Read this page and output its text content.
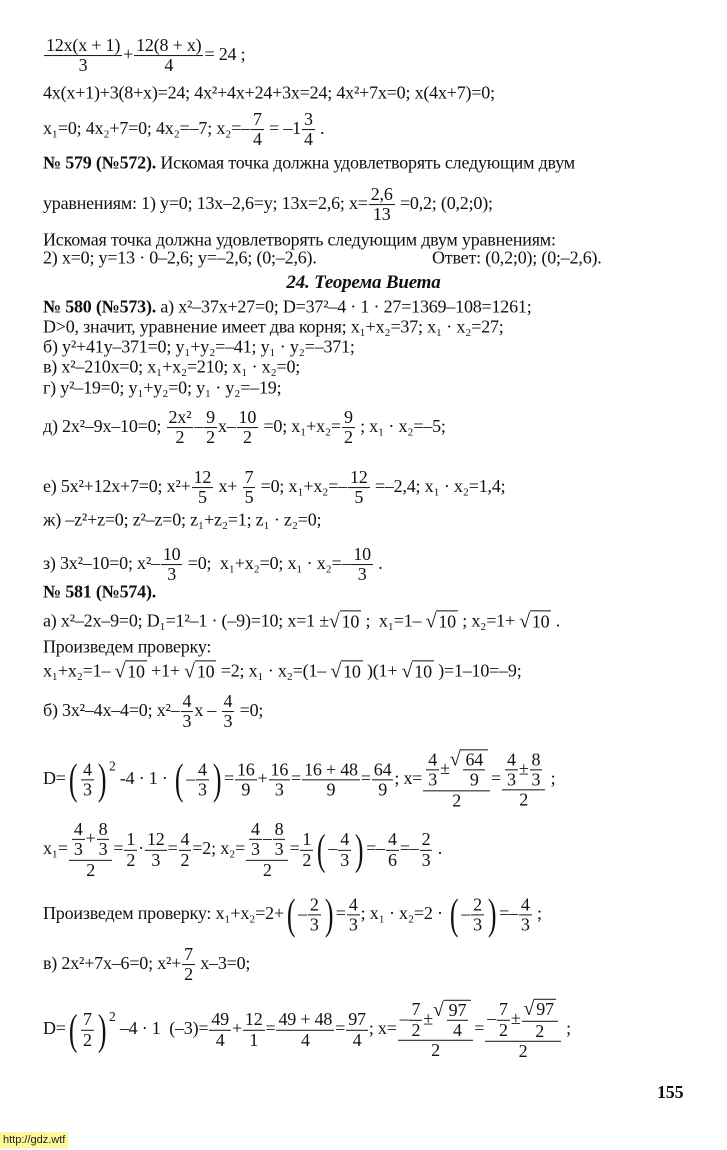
$\frac{12x(x + 1)}{3} + \frac{12(8 + x)}{4} = 24$ ;
4x(x+1)+3(8+x)=24; 4x²+4x+24+3x=24; 4x²+7x=0; x(4x+7)=0;
x₁=0; 4x₂+7=0; 4x₂=–7; $x_2=- \frac{7}{4} = -1 \frac{3}{4}$ .
№ 579 (№572). Искомая точка должна удовлетворять следующим двум
уравнениям: 1) y=0; 13x–2,6=y; 13x=2,6; $x= \frac{2,6}{13} =0,2$; (0,2;0);
Искомая точка должна удовлетворять следующим двум уравнениям:
2) x=0; y=13 · 0–2,6; y=–2,6; (0;–2,6).	Ответ: (0,2;0); (0;–2,6).
24. Теорема Виета
№ 580 (№573). а) x²–37x+27=0; D=37²–4 · 1 · 27=1369–108=1261;
D>0, значит, уравнение имеет два корня; x₁+x₂=37; x₁ · x₂=27;
б) y²+41y–371=0; y₁+y₂=–41; y₁ · y₂=–371;
в) x²–210x=0; x₁+x₂=210; x₁ · x₂=0;
г) y²–19=0; y₁+y₂=0; y₁ · y₂=–19;
д) 2x²–9x–10=0; $\frac{\text{2x²}}{2} - \frac{9}{2} x- \frac{10}{2} =0$; $x_1+x_2= \frac{9}{2}$ ; x₁ · x₂=–5;
е) 5x²+12x+7=0; $x^2+ \frac{12}{5} x+ \frac{7}{5} =0$; $x_1+x_2=- \frac{12}{5} =-2,4$; x₁ · x₂=1,4;
ж) –z²+z=0; z²–z=0; z₁+z₂=1; z₁ · z₂=0;
з) 3x²–10=0; $x^2- \frac{10}{3} =0$;  x₁+x₂=0; $x_1 \cdot x_2=- \frac{10}{3}$ .
№ 581 (№574).
а) x²–2x–9=0; D₁=1²–1 · (–9)=10; x=1 ± √ 10 ;  x₁=1– √ 10 ; x₂=1+ √ 10 .
Произведем проверку:
x₁+x₂=1– √ 10 +1+ √ 10 =2; x₁ · x₂=(1– √ 10 )(1+ √ 10 )=1–10=–9;
б) 3x²–4x–4=0; $x^2- \frac{4}{3}$ $x - \frac{4}{3} =0$;
D= ( $\frac{4}{3}$ ) 2
-4 · 1 · ( – $\frac{4}{3}$ ) = $\frac{16}{9} + \frac{16}{3} = \frac{16 + 48}{9} = \frac{64}{9}$ ; $x= \frac{\frac{4}{3} \pm √ \frac{64}{9}}{2} = \frac{\frac{4}{3} \pm \frac{8}{3}}{2}$ ;
$x_1= \frac{\frac{4}{3} + \frac{8}{3}}{2} = \frac{1}{2} \cdot \frac{12}{3} = \frac{4}{2} =2$; $x_2= \frac{\frac{4}{3} - \frac{8}{3}}{2} = \frac{1}{2}$ ( – $\frac{4}{3}$ ) =– $\frac{4}{6} =- \frac{2}{3}$ .
Произведем проверку: x₁+x₂=2+ ( – $\frac{2}{3}$ ) = $\frac{4}{3}$ ; x₁ · x₂=2 · ( – $\frac{2}{3}$ ) =– $\frac{4}{3}$ ;
в) 2x²+7x–6=0; $x^2+ \frac{7}{2} x-3=0$;
D= ( $\frac{7}{2}$ ) 2
–4 · 1  $(-3)= \frac{49}{4} + \frac{12}{1} = \frac{49 + 48}{4} = \frac{97}{4}$ ; $x= \frac{- \frac{7}{2} \pm √ \frac{97}{4}}{2} = \frac{- \frac{7}{2} \pm \frac{√ 97}{2}}{2}$ ;
155
http://gdz.wtf
